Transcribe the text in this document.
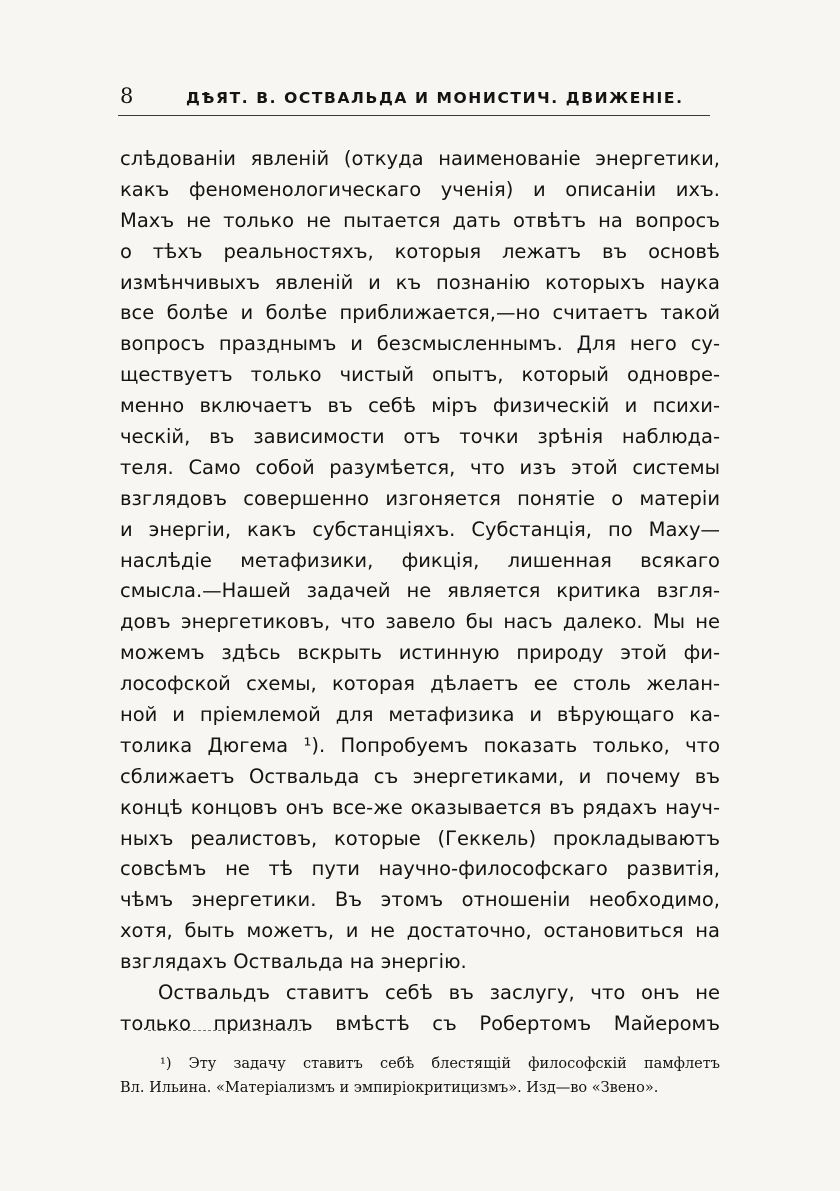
8	ДѢЯТ. В. ОСТВАЛЬДА И МОНИСТИЧ. ДВИЖЕНІЕ.
слѣдованiи явленiй (откуда наименованiе энергетики,
какъ феноменологическаго ученiя) и описанiи ихъ.
Махъ не только не пытается дать отвѣтъ на вопросъ
о тѣхъ реальностяхъ, которыя лежатъ въ основѣ
измѣнчивыхъ явленiй и къ познанiю которыхъ наука
все болѣе и болѣе приближается,—но считаетъ такой
вопросъ празднымъ и безсмысленнымъ. Для него су-
ществуетъ только чистый опытъ, который одновре-
менно включаетъ въ себѣ мiръ физическiй и психи-
ческiй, въ зависимости отъ точки зрѣнiя наблюда-
теля. Само собой разумѣется, что изъ этой системы
взглядовъ совершенно изгоняется понятiе о матерiи
и энергiи, какъ субстанцiяхъ. Субстанцiя, по Маху—
наслѣдiе метафизики, фикцiя, лишенная всякаго
смысла.—Нашей задачей не является критика взгля-
довъ энергетиковъ, что завело бы насъ далеко. Мы не
можемъ здѣсь вскрыть истинную природу этой фи-
лософской схемы, которая дѣлаетъ ее столь желан-
ной и прiемлемой для метафизика и вѣрующаго ка-
толика Дюгема ¹). Попробуемъ показать только, что
сближаетъ Оствальда съ энергетиками, и почему въ
концѣ концовъ онъ все-же оказывается въ рядахъ науч-
ныхъ реалистовъ, которые (Геккель) прокладываютъ
совсѣмъ не тѣ пути научно-философскаго развитiя,
чѣмъ энергетики. Въ этомъ отношенiи необходимо,
хотя, быть можетъ, и не достаточно, остановиться на
взглядахъ Оствальда на энергiю.
Оствальдъ ставитъ себѣ въ заслугу, что онъ не
только призналъ вмѣстѣ съ Робертомъ Майеромъ
¹) Эту задачу ставитъ себѣ блестящiй философскiй памфлетъ
Вл. Ильина. «Матерiализмъ и эмпирiокритицизмъ». Изд—во «Звено».
